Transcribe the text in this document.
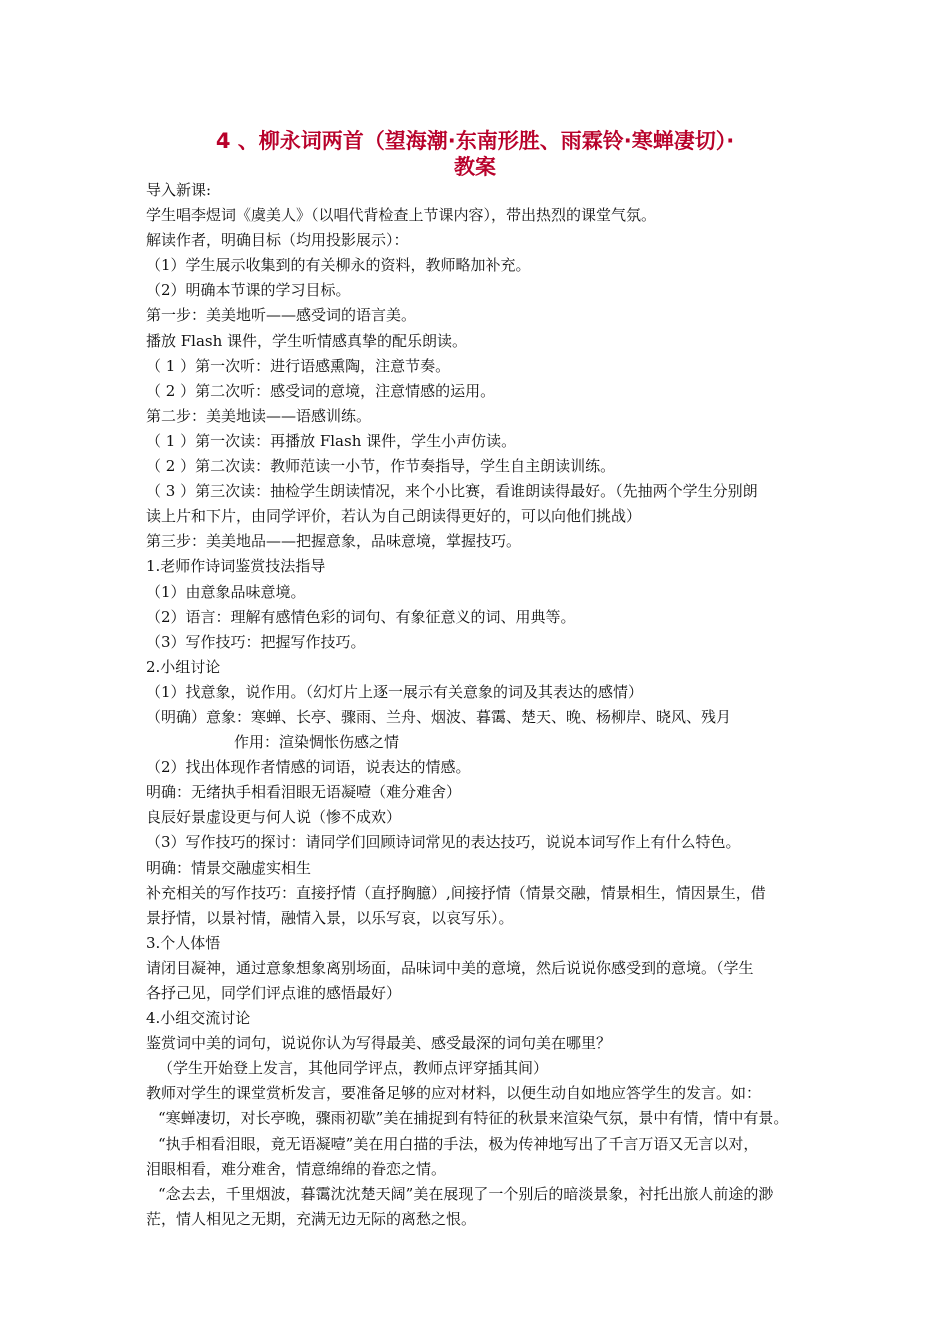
4 、柳永词两首（望海潮·东南形胜、雨霖铃·寒蝉凄切）·
教案
导入新课:
学生唱李煜词《虞美人》（以唱代背检查上节课内容），带出热烈的课堂气氛。
解读作者，明确目标（均用投影展示）：
（1）学生展示收集到的有关柳永的资料，教师略加补充。
（2）明确本节课的学习目标。
第一步：美美地听——感受词的语言美。
播放 Flash 课件，学生听情感真挚的配乐朗读。
（ 1 ）第一次听：进行语感熏陶，注意节奏。
（ 2 ）第二次听：感受词的意境，注意情感的运用。
第二步：美美地读——语感训练。
（ 1 ）第一次读：再播放 Flash 课件，学生小声仿读。
（ 2 ）第二次读：教师范读一小节，作节奏指导，学生自主朗读训练。
（ 3 ）第三次读：抽检学生朗读情况，来个小比赛，看谁朗读得最好。（先抽两个学生分别朗
读上片和下片，由同学评价，若认为自己朗读得更好的，可以向他们挑战）
第三步：美美地品——把握意象，品味意境，掌握技巧。
1.老师作诗词鉴赏技法指导
（1）由意象品味意境。
（2）语言：理解有感情色彩的词句、有象征意义的词、用典等。
（3）写作技巧：把握写作技巧。
2.小组讨论
（1）找意象，说作用。（幻灯片上逐一展示有关意象的词及其表达的感情）
（明确）意象：寒蝉、长亭、骤雨、兰舟、烟波、暮霭、楚天、晚、杨柳岸、晓风、残月
作用：渲染惆怅伤感之情
（2）找出体现作者情感的词语，说表达的情感。
明确：无绪执手相看泪眼无语凝噎（难分难舍）
良辰好景虚设更与何人说（惨不成欢）
（3）写作技巧的探讨：请同学们回顾诗词常见的表达技巧，说说本词写作上有什么特色。
明确：情景交融虚实相生
补充相关的写作技巧：直接抒情（直抒胸臆）,间接抒情（情景交融，情景相生，情因景生，借
景抒情，以景衬情，融情入景，以乐写哀，以哀写乐）。
3.个人体悟
请闭目凝神，通过意象想象离别场面，品味词中美的意境，然后说说你感受到的意境。（学生
各抒己见，同学们评点谁的感悟最好）
4.小组交流讨论
鉴赏词中美的词句，说说你认为写得最美、感受最深的词句美在哪里？
（学生开始登上发言，其他同学评点，教师点评穿插其间）
教师对学生的课堂赏析发言，要准备足够的应对材料，以便生动自如地应答学生的发言。如：
“寒蝉凄切，对长亭晚，骤雨初歇”美在捕捉到有特征的秋景来渲染气氛，景中有情，情中有景。
“执手相看泪眼，竟无语凝噎”美在用白描的手法，极为传神地写出了千言万语又无言以对，
泪眼相看，难分难舍，情意绵绵的眷恋之情。
“念去去，千里烟波，暮霭沈沈楚天阔”美在展现了一个别后的暗淡景象，衬托出旅人前途的渺
茫，情人相见之无期，充满无边无际的离愁之恨。
